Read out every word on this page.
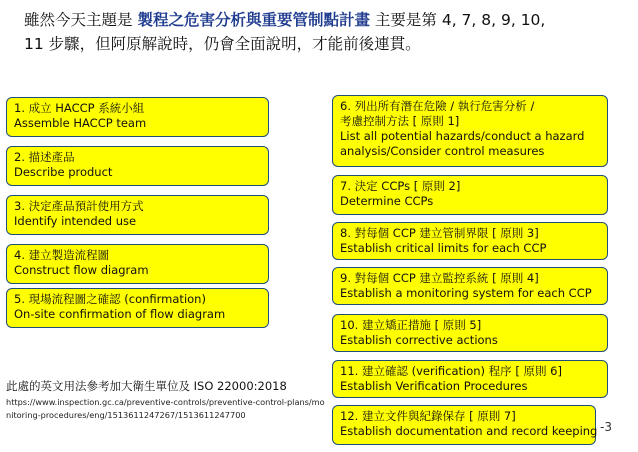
雖然今天主題是 製程之危害分析與重要管制點計畫 主要是第 4, 7, 8, 9, 10,
11 步驟，但阿原解說時，仍會全面說明，才能前後連貫。
1. 成立 HACCP 系統小組
Assemble HACCP team
2. 描述產品
Describe product
3. 決定產品預計使用方式
Identify intended use
4. 建立製造流程圖
Construct flow diagram
5. 現場流程圖之確認 (confirmation)
On-site confirmation of flow diagram
6. 列出所有潛在危險 / 執行危害分析 /
考慮控制方法 [ 原則 1]
List all potential hazards/conduct a hazard
analysis/Consider control measures
7. 決定 CCPs [ 原則 2]
Determine CCPs
8. 對每個 CCP 建立管制界限 [ 原則 3]
Establish critical limits for each CCP
9. 對每個 CCP 建立監控系統 [ 原則 4]
Establish a monitoring system for each CCP
10. 建立矯正措施 [ 原則 5]
Establish corrective actions
11. 建立確認 (verification) 程序 [ 原則 6]
Establish Verification Procedures
12. 建立文件與紀錄保存 [ 原則 7]
Establish documentation and record keeping
此處的英文用法參考加大衛生單位及 ISO 22000:2018
https://www.inspection.gc.ca/preventive-controls/preventive-control-plans/monitoring-procedures/eng/1513611247267/1513611247700
-3
